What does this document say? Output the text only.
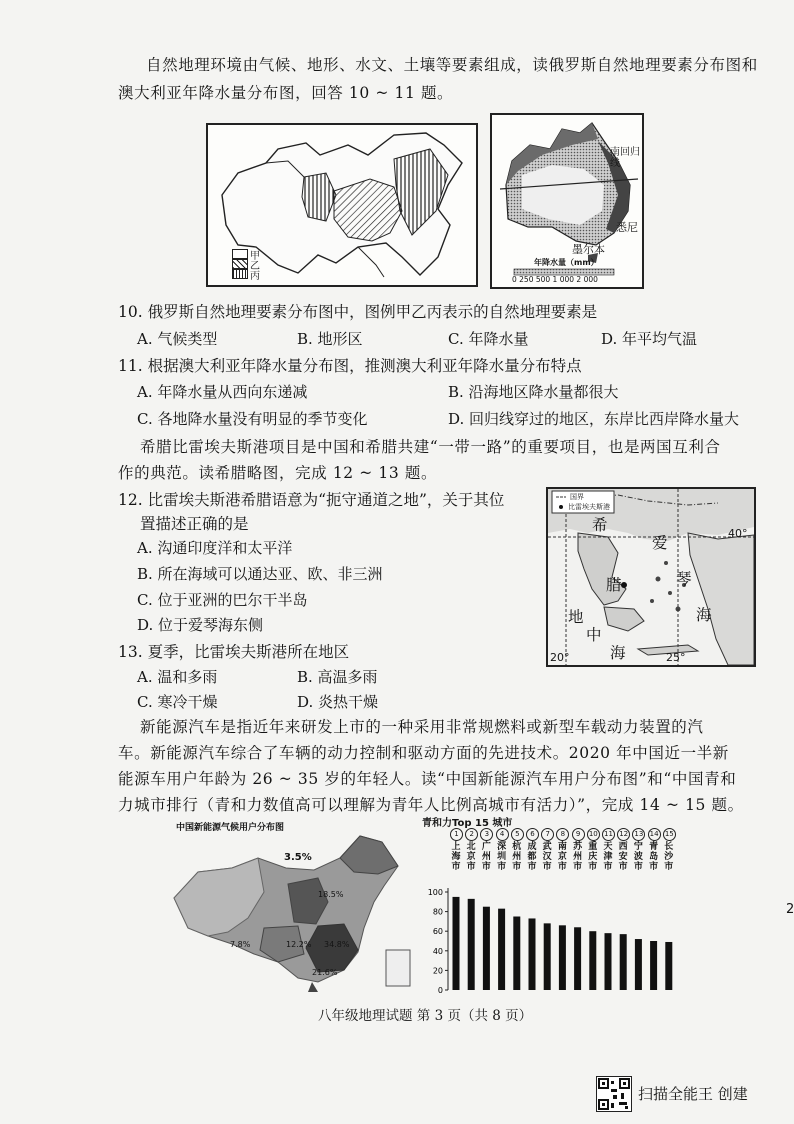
自然地理环境由气候、地形、水文、土壤等要素组成，读俄罗斯自然地理要素分布图和
澳大利亚年降水量分布图，回答 10 ~ 11 题。
甲
乙
丙
南回归线
悉尼
墨尔本
年降水量（mm）
0 250 500 1 000 2 000
10. 俄罗斯自然地理要素分布图中，图例甲乙丙表示的自然地理要素是
A. 气候类型	B. 地形区	C. 年降水量	D. 年平均气温
11. 根据澳大利亚年降水量分布图，推测澳大利亚年降水量分布特点
A. 年降水量从西向东递减	B. 沿海地区降水量都很大
C. 各地降水量没有明显的季节变化	D. 回归线穿过的地区，东岸比西岸降水量大
希腊比雷埃夫斯港项目是中国和希腊共建“一带一路”的重要项目，也是两国互利合
作的典范。读希腊略图，完成 12 ~ 13 题。
12. 比雷埃夫斯港希腊语意为“扼守通道之地”，关于其位
置描述正确的是
A. 沟通印度洋和太平洋
B. 所在海域可以通达亚、欧、非三洲
C. 位于亚洲的巴尔干半岛
D. 位于爱琴海东侧
国界
比雷埃夫斯港
希
腊
爱
琴
海
地
中
海
40°
20°	25°
13. 夏季，比雷埃夫斯港所在地区
A. 温和多雨	B. 高温多雨
C. 寒冷干燥	D. 炎热干燥
新能源汽车是指近年来研发上市的一种采用非常规燃料或新型车载动力装置的汽
车。新能源汽车综合了车辆的动力控制和驱动方面的先进技术。2020 年中国近一半新
能源车用户年龄为 26 ~ 35 岁的年轻人。读“中国新能源汽车用户分布图”和“中国青和
力城市排行（青和力数值高可以理解为青年人比例高城市有活力）”，完成 14 ~ 15 题。
中国新能源气候用户分布图
3.5%
18.5%
7.8%	12.2% 34.8%
21.6%
青和力Top 15 城市
1
上海市
2
北京市
3
广州市
4
深圳市
5
杭州市
6
成都市
7
武汉市
8
南京市
9
苏州市
10
重庆市
11
天津市
12
西安市
13
宁波市
14
青岛市
15
长沙市
0
20
40
60
80
100
八年级地理试题 第 3 页（共 8 页）
2
扫描全能王 创建
